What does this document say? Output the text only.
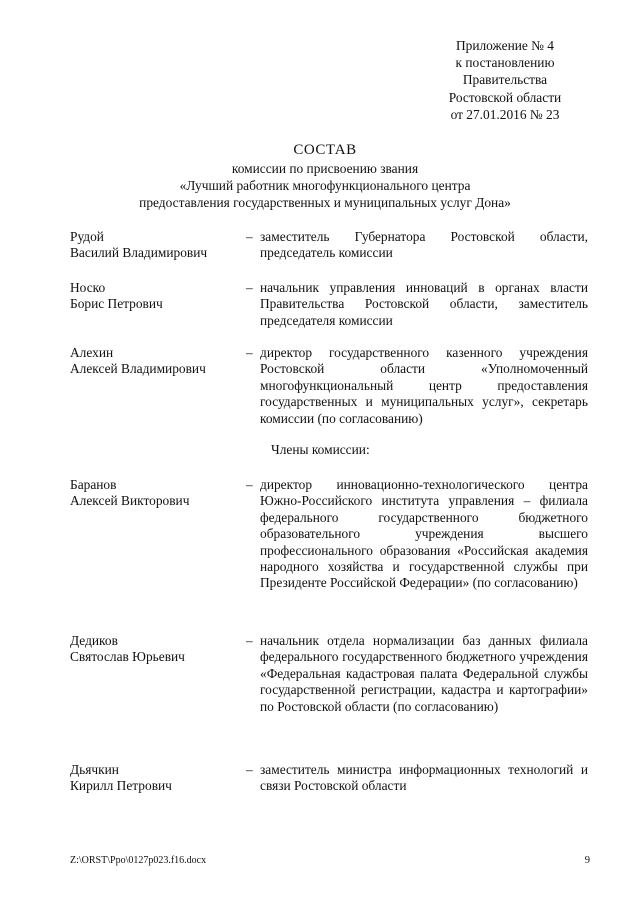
Приложение № 4
к постановлению
Правительства
Ростовской области
от 27.01.2016 № 23
СОСТАВ
комиссии по присвоению звания
«Лучший работник многофункционального центра
предоставления государственных и муниципальных услуг Дона»
Рудой
Василий Владимирович
– заместитель Губернатора Ростовской области, председатель комиссии
Носко
Борис Петрович
– начальник управления инноваций в органах власти Правительства Ростовской области, заместитель председателя комиссии
Алехин
Алексей Владимирович
– директор государственного казенного учреждения Ростовской области «Уполномоченный многофункциональный центр предоставления государственных и муниципальных услуг», секретарь комиссии (по согласованию)
Члены комиссии:
Баранов
Алексей Викторович
– директор инновационно-технологического центра Южно-Российского института управления – филиала федерального государственного бюджетного образовательного учреждения высшего профессионального образования «Российская академия народного хозяйства и государственной службы при Президенте Российской Федерации» (по согласованию)
Дедиков
Святослав Юрьевич
– начальник отдела нормализации баз данных филиала федерального государственного бюджетного учреждения «Федеральная кадастровая палата Федеральной службы государственной регистрации, кадастра и картографии» по Ростовской области (по согласованию)
Дьячкин
Кирилл Петрович
– заместитель министра информационных технологий и связи Ростовской области
Z:\ORST\Ppo\0127p023.f16.docx	9
